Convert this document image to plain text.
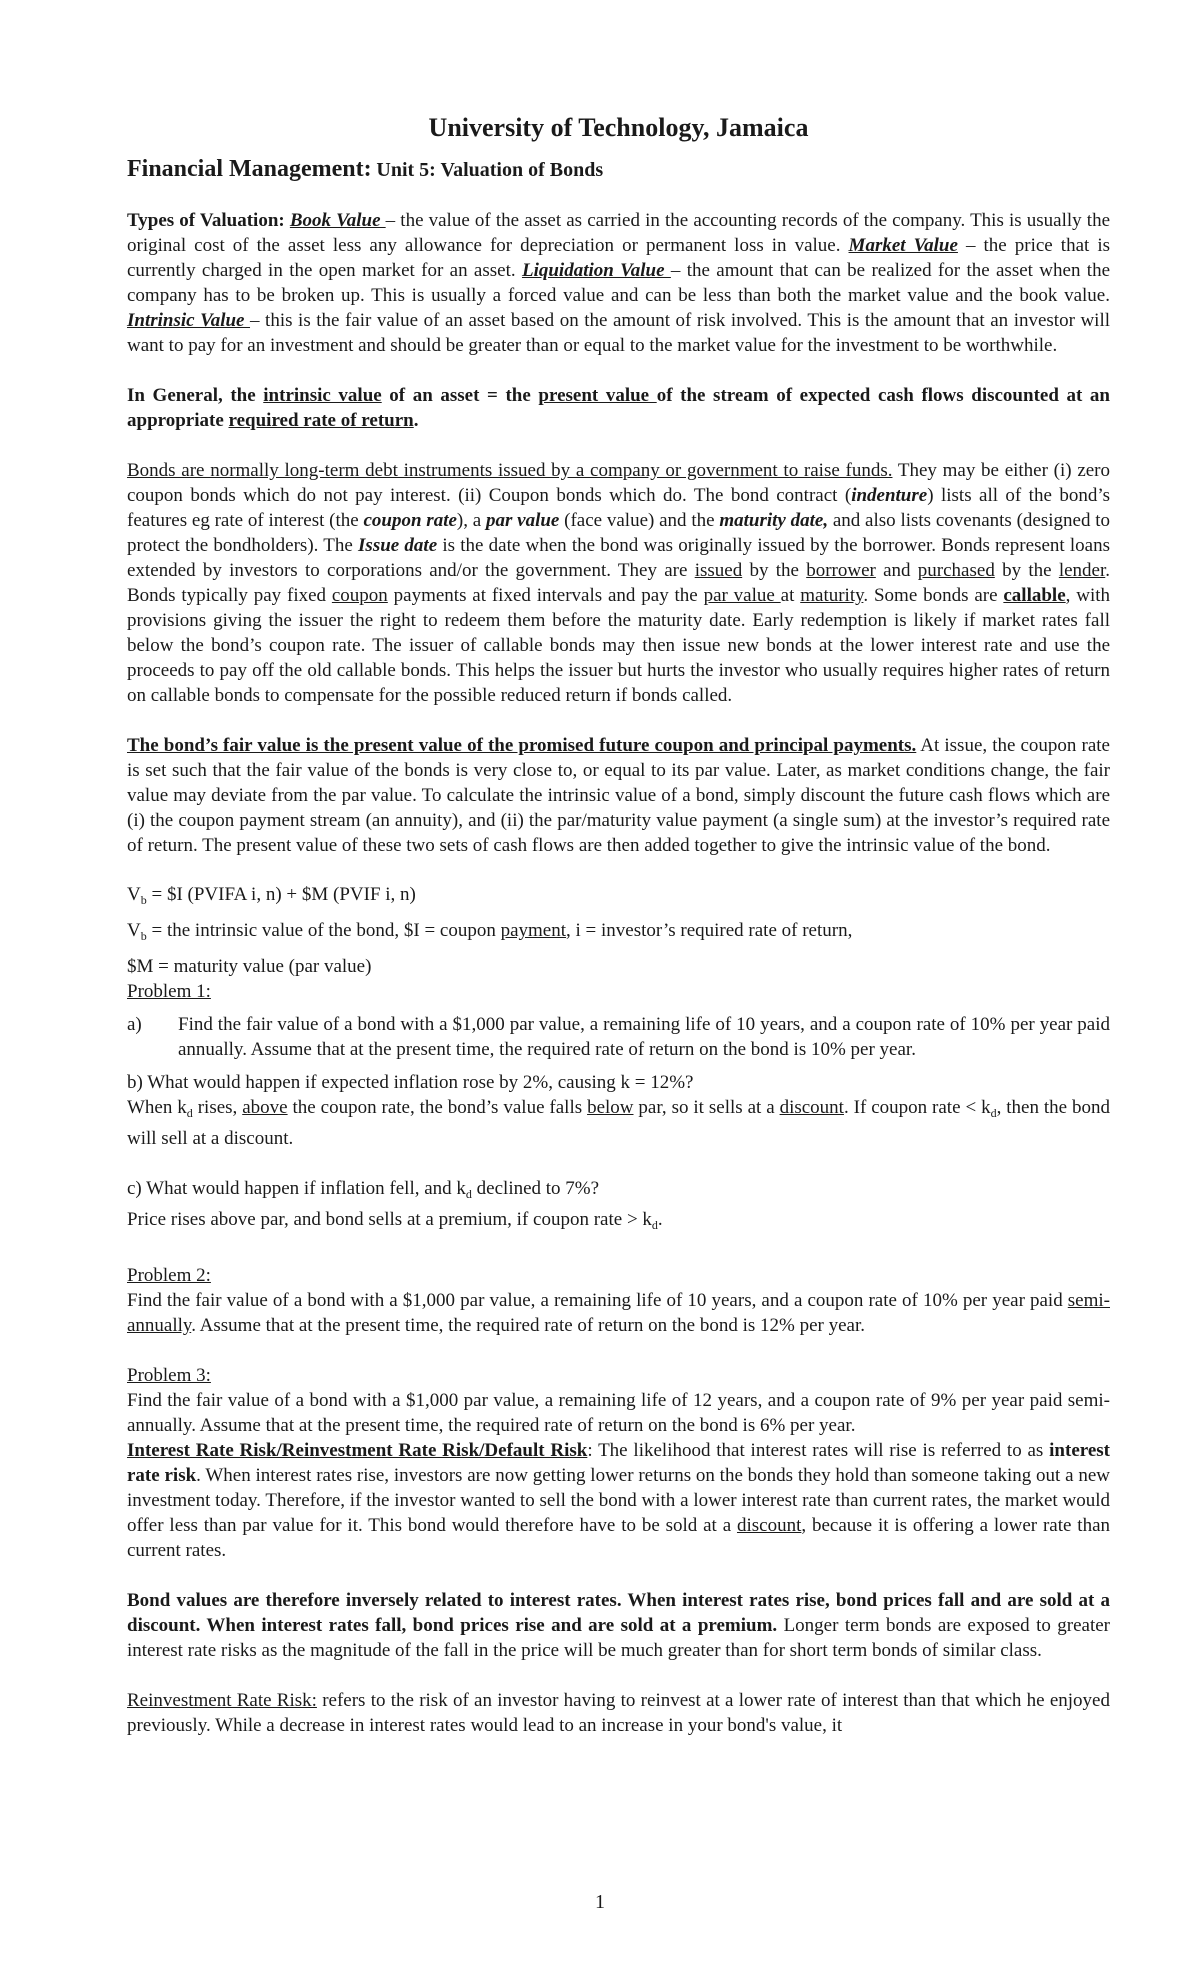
University of Technology, Jamaica
Financial Management: Unit 5: Valuation of Bonds

Types of Valuation: Book Value – the value of the asset as carried in the accounting records of the company. This is usually the original cost of the asset less any allowance for depreciation or permanent loss in value. Market Value – the price that is currently charged in the open market for an asset. Liquidation Value – the amount that can be realized for the asset when the company has to be broken up. This is usually a forced value and can be less than both the market value and the book value. Intrinsic Value – this is the fair value of an asset based on the amount of risk involved. This is the amount that an investor will want to pay for an investment and should be greater than or equal to the market value for the investment to be worthwhile.

In General, the intrinsic value of an asset = the present value of the stream of expected cash flows discounted at an appropriate required rate of return.

Bonds are normally long-term debt instruments issued by a company or government to raise funds. They may be either (i) zero coupon bonds which do not pay interest. (ii) Coupon bonds which do. The bond contract (indenture) lists all of the bond’s features eg rate of interest (the coupon rate), a par value (face value) and the maturity date, and also lists covenants (designed to protect the bondholders). The Issue date is the date when the bond was originally issued by the borrower. Bonds represent loans extended by investors to corporations and/or the government. They are issued by the borrower and purchased by the lender. Bonds typically pay fixed coupon payments at fixed intervals and pay the par value at maturity. Some bonds are callable, with provisions giving the issuer the right to redeem them before the maturity date. Early redemption is likely if market rates fall below the bond’s coupon rate. The issuer of callable bonds may then issue new bonds at the lower interest rate and use the proceeds to pay off the old callable bonds. This helps the issuer but hurts the investor who usually requires higher rates of return on callable bonds to compensate for the possible reduced return if bonds called.

The bond’s fair value is the present value of the promised future coupon and principal payments. At issue, the coupon rate is set such that the fair value of the bonds is very close to, or equal to its par value. Later, as market conditions change, the fair value may deviate from the par value. To calculate the intrinsic value of a bond, simply discount the future cash flows which are (i) the coupon payment stream (an annuity), and (ii) the par/maturity value payment (a single sum) at the investor’s required rate of return. The present value of these two sets of cash flows are then added together to give the intrinsic value of the bond.

$V_b$ = $I (PVIFA i, n) + $M (PVIF i, n)

$V_b$ = the intrinsic value of the bond, $I = coupon payment, i = investor’s required rate of return,

$M = maturity value (par value)

Problem 1:

a)	Find the fair value of a bond with a $1,000 par value, a remaining life of 10 years, and a coupon rate of 10% per year paid annually. Assume that at the present time, the required rate of return on the bond is 10% per year.

b) What would happen if expected inflation rose by 2%, causing k = 12%?

When $k_d$ rises, above the coupon rate, the bond’s value falls below par, so it sells at a discount. If coupon rate < $k_d$, then the bond will sell at a discount.

c) What would happen if inflation fell, and $k_d$ declined to 7%?

Price rises above par, and bond sells at a premium, if coupon rate > $k_d$.

Problem 2:

Find the fair value of a bond with a $1,000 par value, a remaining life of 10 years, and a coupon rate of 10% per year paid semi-annually. Assume that at the present time, the required rate of return on the bond is 12% per year.

Problem 3:

Find the fair value of a bond with a $1,000 par value, a remaining life of 12 years, and a coupon rate of 9% per year paid semi-annually. Assume that at the present time, the required rate of return on the bond is 6% per year.

Interest Rate Risk/Reinvestment Rate Risk/Default Risk: The likelihood that interest rates will rise is referred to as interest rate risk. When interest rates rise, investors are now getting lower returns on the bonds they hold than someone taking out a new investment today. Therefore, if the investor wanted to sell the bond with a lower interest rate than current rates, the market would offer less than par value for it. This bond would therefore have to be sold at a discount, because it is offering a lower rate than current rates.

Bond values are therefore inversely related to interest rates. When interest rates rise, bond prices fall and are sold at a discount. When interest rates fall, bond prices rise and are sold at a premium. Longer term bonds are exposed to greater interest rate risks as the magnitude of the fall in the price will be much greater than for short term bonds of similar class.

Reinvestment Rate Risk: refers to the risk of an investor having to reinvest at a lower rate of interest than that which he enjoyed previously. While a decrease in interest rates would lead to an increase in your bond's value, it

1
